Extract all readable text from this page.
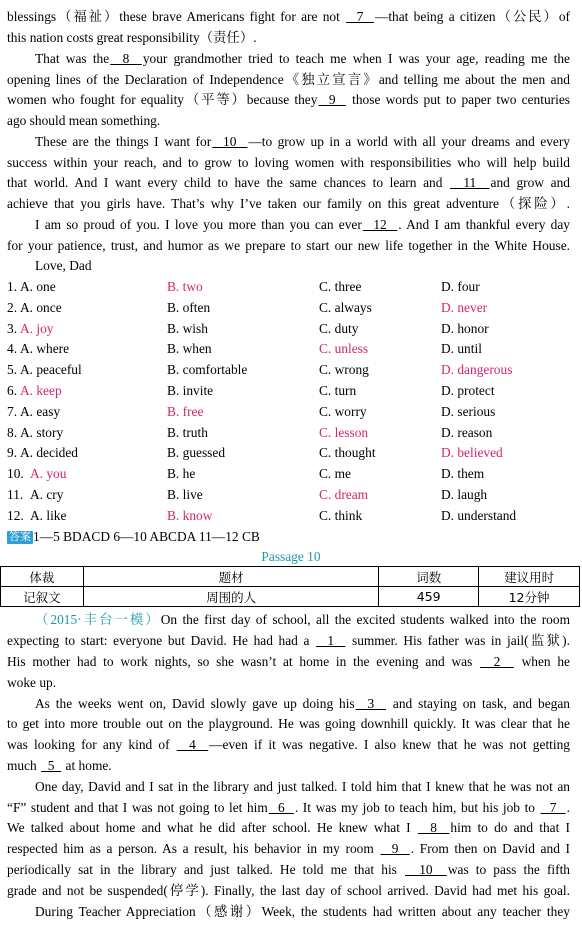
blessings（福祉）these brave Americans fight for are not   7  —that being a citizen（公民）of
this nation costs great responsibility（责任）.
That was the  8  your grandmother tried to teach me when I was your age, reading me the
opening lines of the Declaration of Independence《独立宣言》and telling me about the men and
women who fought for equality（平等）because they  9   those words put to paper two centuries
ago should mean something.
These are the things I want for  10  —to grow up in a world with all your dreams and every
success within your reach, and to grow to loving women with responsibilities who will help build
that world. And I want every child to have the same chances to learn and   11  and grow and
achieve that you girls have. That’s why I’ve taken our family on this great adventure（探险）.
I am so proud of you. I love you more than you can ever  12  . And I am thankful every day
for your patience, trust, and humor as we prepare to start our new life together in the White House.
Love, Dad
1. A. one	B. two	C. three	D. four
2. A. once	B. often	C. always	D. never
3. A. joy	B. wish	C. duty	D. honor
4. A. where	B. when	C. unless	D. until
5. A. peaceful	B. comfortable	C. wrong	D. dangerous
6. A. keep	B. invite	C. turn	D. protect
7. A. easy	B. free	C. worry	D. serious
8. A. story	B. truth	C. lesson	D. reason
9. A. decided	B. guessed	C. thought	D. believed
10. A. you	B. he	C. me	D. them
11. A. cry	B. live	C. dream	D. laugh
12. A. like	B. know	C. think	D. understand
答案 1—5 BDACD 6—10 ABCDA 11—12 CB
Passage 10
体裁	题材	词数	建议用时
记叙文	周围的人	459	12分钟
（2015·丰台一模）On the first day of school, all the excited students walked into the room
expecting to start: everyone but David. He had had a   1   summer. His father was in jail(监狱).
His mother had to work nights, so she wasn’t at home in the evening and was   2   when he
woke up.
As the weeks went on, David slowly gave up doing his  3   and staying on task, and began
to get into more trouble out on the playground. He was going downhill quickly. It was clear that he
was looking for any kind of   4  —even if it was negative. I also knew that he was not getting
much   5   at home.
One day, David and I sat in the library and just talked. I told him that I knew that he was not an
“F” student and that I was not going to let him  6  . It was my job to teach him, but his job to   7  .
We talked about home and what he did after school. He knew what I   8  him to do and that I
respected him as a person. As a result, his behavior in my room   9  . From then on David and I
periodically sat in the library and just talked. He told me that his   10  was to pass the fifth
grade and not be suspended(停学). Finally, the last day of school arrived. David had met his goal.
During Teacher Appreciation（感谢）Week, the students had written about any teacher they
